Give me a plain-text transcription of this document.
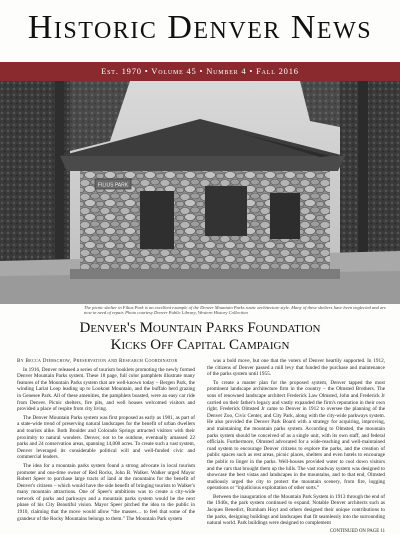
Historic Denver News
Est. 1970 • Volume 45 • Number 4 • Fall 2016
FILIUS PARK
The picnic shelter in Filius Park is an excellent example of the Denver Mountain Parks rustic architecture style. Many of these shelters have been neglected and are now in need of repair. Photo courtesy Denver Public Library, Western History Collection
Denver's Mountain Parks Foundation
Kicks Off Capital Campaign
By Becca Dierschow, Preservation and Research Coordinator

In 1916, Denver released a series of tourism booklets promoting the newly formed Denver Mountain Parks system. These 18 page, full color pamphlets illustrate many features of the Mountain Parks system that are well-known today – Bergen Park, the winding Lariat Loop leading up to Lookout Mountain, and the buffalo herd grazing in Genesee Park. All of these amenities, the pamphlets boasted, were an easy car ride from Denver. Picnic shelters, fire pits, and well houses welcomed visitors and provided a place of respite from city living.

The Denver Mountain Parks system was first proposed as early as 1901, as part of a state-wide trend of preserving natural landscapes for the benefit of urban dwellers and tourists alike. Both Boulder and Colorado Springs attracted visitors with their proximity to natural wonders. Denver, not to be outdone, eventually amassed 22 parks and 24 conservation areas, spanning 14,000 acres. To create such a vast system, Denver leveraged its considerable political will and well-funded civic and commercial leaders.

The idea for a mountain parks system found a strong advocate in local tourism promoter and one-time owner of Red Rocks, John B. Walker. Walker urged Mayor Robert Speer to purchase large tracts of land at the mountains for the benefit of Denver's citizens – which would have the side benefit of bringing tourists to Walker's many mountain attractions. One of Speer's ambitions was to create a city-wide network of parks and parkways and a mountain parks system would be the next phase of his City Beautiful vision. Mayor Speer pitched the idea to the public in 1910, claiming that the move would allow “the masses… to feel that some of the grandeur of the Rocky Mountains belongs to them.” The Mountain Park system

was a bold move, but one that the voters of Denver heartily supported. In 1912, the citizens of Denver passed a mill levy that funded the purchase and maintenance of the parks system until 1955.

To create a master plan for the proposed system, Denver tapped the most prominent landscape architecture firm in the country – the Olmsted Brothers. The sons of renowned landscape architect Frederick Law Olmsted, John and Frederick Jr carried on their father's legacy and vastly expanded the firm's reputation in their own right. Frederick Olmsted Jr came to Denver in 1912 to oversee the planning of the Denver Zoo, Civic Center, and City Park, along with the city-wide parkways system. He also provided the Denver Park Board with a strategy for acquiring, improving, and maintaining the mountain parks system. According to Olmsted, the mountain parks system should be conceived of as a single unit, with its own staff, and federal officials. Furthermore, Olmsted advocated for a wide-reaching and well-maintained road system to encourage Denver citizens to explore the parks, and the creation of public spaces such as rest areas, picnic places, shelters and even hotels to encourage the public to linger in the parks. Well-houses provided water to cool down visitors and the cars that brought them up the hills. The vast roadway system was designed to showcase the best vistas and landscapes in the mountains, and to that end, Olmsted studiously urged the city to protect the mountain scenery, from fire, logging operations or “injudicious exploitation of other sorts.”

Between the inauguration of the Mountain Park System in 1913 through the end of the 1940s, the park system continued to expand. Notable Denver architects such as Jacques Benedict, Burnham Hoyt and others designed their unique contributions to the parks, designing buildings and landscapes that fit seamlessly into the surrounding natural world. Park buildings were designed to complement

CONTINUED ON PAGE 11
